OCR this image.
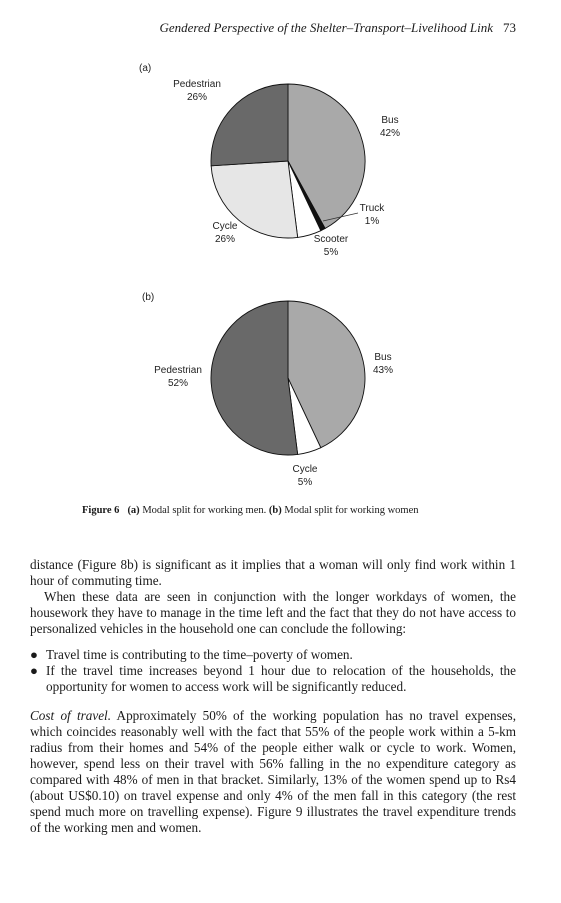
Gendered Perspective of the Shelter–Transport–Livelihood Link 73
(a)
Pedestrian
26%
Bus
42%
Truck
1%
Cycle
26%	Scooter
5%
(b)
Bus
43%
Pedestrian
52%
Cycle
5%
Figure 6 (a) Modal split for working men. (b) Modal split for working women

distance (Figure 8b) is significant as it implies that a woman will only find work within 1 hour of commuting time.

When these data are seen in conjunction with the longer workdays of women, the housework they have to manage in the time left and the fact that they do not have access to personalized vehicles in the household one can conclude the following:

● Travel time is contributing to the time–poverty of women.
● If the travel time increases beyond 1 hour due to relocation of the households, the opportunity for women to access work will be significantly reduced.

Cost of travel. Approximately 50% of the working population has no travel expenses, which coincides reasonably well with the fact that 55% of the people work within a 5-km radius from their homes and 54% of the people either walk or cycle to work. Women, however, spend less on their travel with 56% falling in the no expenditure category as compared with 48% of men in that bracket. Similarly, 13% of the women spend up to Rs4 (about US$0.10) on travel expense and only 4% of the men fall in this category (the rest spend much more on travelling expense). Figure 9 illustrates the travel expenditure trends of the working men and women.
